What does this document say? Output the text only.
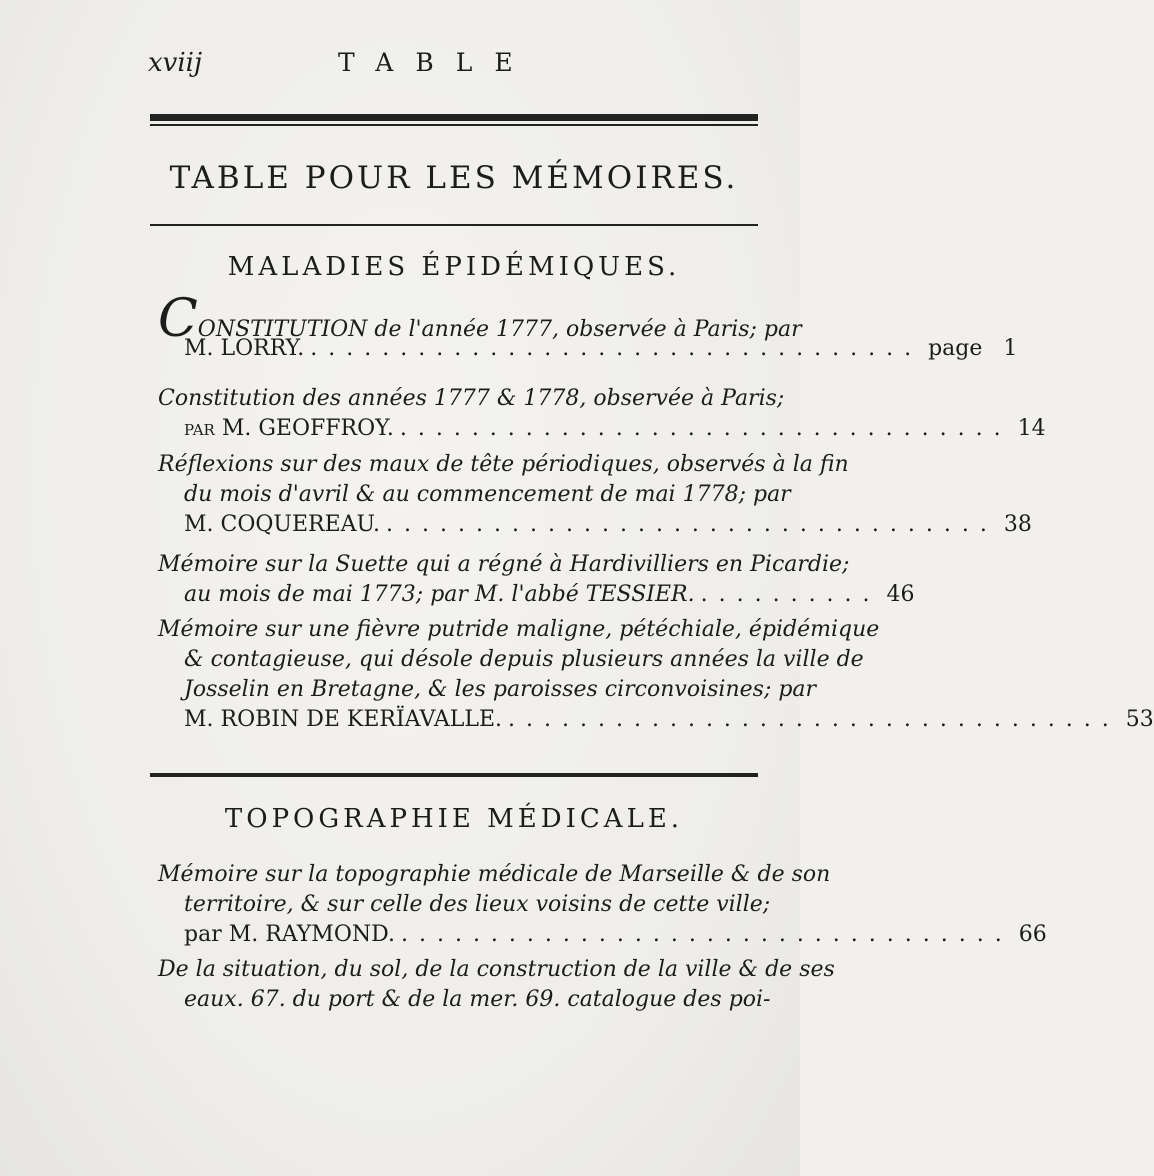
xviij	TABLE
TABLE POUR LES MÉMOIRES.
MALADIES ÉPIDÉMIQUES.
C ONSTITUTION de l'année 1777, observée à Paris; par
M. LORRY. .................................. page
1
Constitution des années 1777 & 1778, observée à Paris;
par M. GEOFFROY. .................................. 14
Réflexions sur des maux de tête périodiques, observés à la fin
du mois d'avril & au commencement de mai 1778; par
M. COQUEREAU. .................................. 38
Mémoire sur la Suette qui a régné à Hardivilliers en Picardie;
au mois de mai 1773; par M. l'abbé TESSIER. .......... 46
Mémoire sur une fièvre putride maligne, pétéchiale, épidémique
& contagieuse, qui désole depuis plusieurs années la ville de
Josselin en Bretagne, & les paroisses circonvoisines; par
M. ROBIN DE KERÏAVALLE. .................................. 53
TOPOGRAPHIE MÉDICALE.
Mémoire sur la topographie médicale de Marseille & de son
territoire, & sur celle des lieux voisins de cette ville;
par M. RAYMOND. .................................. 66
De la situation, du sol, de la construction de la ville & de ses
eaux. 67. du port & de la mer. 69. catalogue des poi-
